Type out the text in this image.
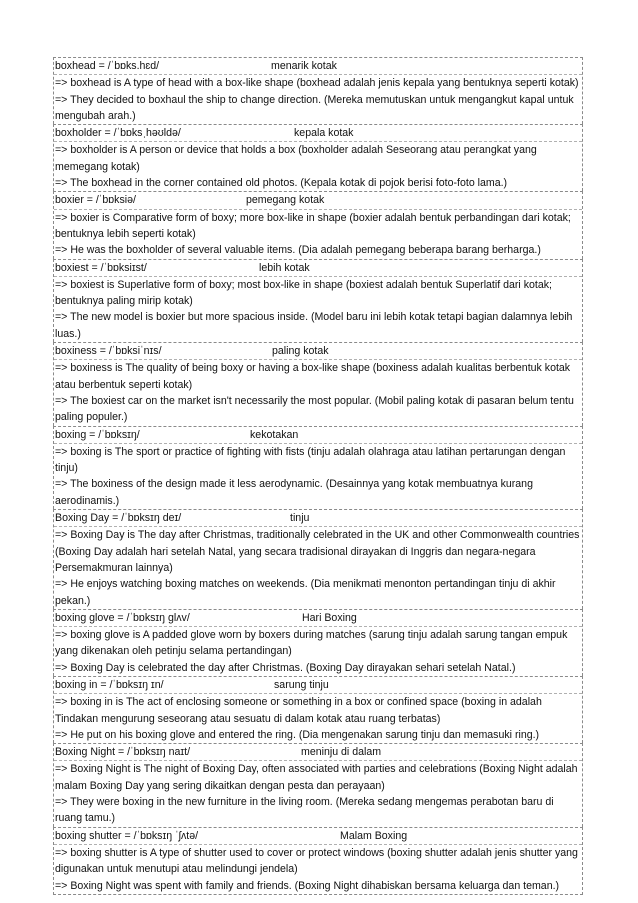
boxhead = /ˈbɒks.hɛd/	menarik kotak
=> boxhead is A type of head with a box-like shape (boxhead adalah jenis kepala yang bentuknya seperti kotak)
=> They decided to boxhaul the ship to change direction. (Mereka memutuskan untuk mengangkut kapal untuk mengubah arah.)
boxholder = /ˈbɒksˌhəʊldə/	kepala kotak
=> boxholder is A person or device that holds a box (boxholder adalah Seseorang atau perangkat yang memegang kotak)
=> The boxhead in the corner contained old photos. (Kepala kotak di pojok berisi foto-foto lama.)
boxier = /ˈbɒksiə/	pemegang kotak
=> boxier is Comparative form of boxy; more box-like in shape (boxier adalah bentuk perbandingan dari kotak; bentuknya lebih seperti kotak)
=> He was the boxholder of several valuable items. (Dia adalah pemegang beberapa barang berharga.)
boxiest = /ˈbɒksiɪst/	lebih kotak
=> boxiest is Superlative form of boxy; most box-like in shape (boxiest adalah bentuk Superlatif dari kotak; bentuknya paling mirip kotak)
=> The new model is boxier but more spacious inside. (Model baru ini lebih kotak tetapi bagian dalamnya lebih luas.)
boxiness = /ˈbɒksiˈnɪs/	paling kotak
=> boxiness is The quality of being boxy or having a box-like shape (boxiness adalah kualitas berbentuk kotak atau berbentuk seperti kotak)
=> The boxiest car on the market isn't necessarily the most popular. (Mobil paling kotak di pasaran belum tentu paling populer.)
boxing = /ˈbɒksɪŋ/	kekotakan
=> boxing is The sport or practice of fighting with fists (tinju adalah olahraga atau latihan pertarungan dengan tinju)
=> The boxiness of the design made it less aerodynamic. (Desainnya yang kotak membuatnya kurang aerodinamis.)
Boxing Day = /ˈbɒksɪŋ deɪ/	tinju
=> Boxing Day is The day after Christmas, traditionally celebrated in the UK and other Commonwealth countries (Boxing Day adalah hari setelah Natal, yang secara tradisional dirayakan di Inggris dan negara-negara Persemakmuran lainnya)
=> He enjoys watching boxing matches on weekends. (Dia menikmati menonton pertandingan tinju di akhir pekan.)
boxing glove = /ˈbɒksɪŋ ɡlʌv/	Hari Boxing
=> boxing glove is A padded glove worn by boxers during matches (sarung tinju adalah sarung tangan empuk yang dikenakan oleh petinju selama pertandingan)
=> Boxing Day is celebrated the day after Christmas. (Boxing Day dirayakan sehari setelah Natal.)
boxing in = /ˈbɒksɪŋ ɪn/	sarung tinju
=> boxing in is The act of enclosing someone or something in a box or confined space (boxing in adalah Tindakan mengurung seseorang atau sesuatu di dalam kotak atau ruang terbatas)
=> He put on his boxing glove and entered the ring. (Dia mengenakan sarung tinju dan memasuki ring.)
Boxing Night = /ˈbɒksɪŋ naɪt/	meninju di dalam
=> Boxing Night is The night of Boxing Day, often associated with parties and celebrations (Boxing Night adalah malam Boxing Day yang sering dikaitkan dengan pesta dan perayaan)
=> They were boxing in the new furniture in the living room. (Mereka sedang mengemas perabotan baru di ruang tamu.)
boxing shutter = /ˈbɒksɪŋ ˈʃʌtə/	Malam Boxing
=> boxing shutter is A type of shutter used to cover or protect windows (boxing shutter adalah jenis shutter yang digunakan untuk menutupi atau melindungi jendela)
=> Boxing Night was spent with family and friends. (Boxing Night dihabiskan bersama keluarga dan teman.)
